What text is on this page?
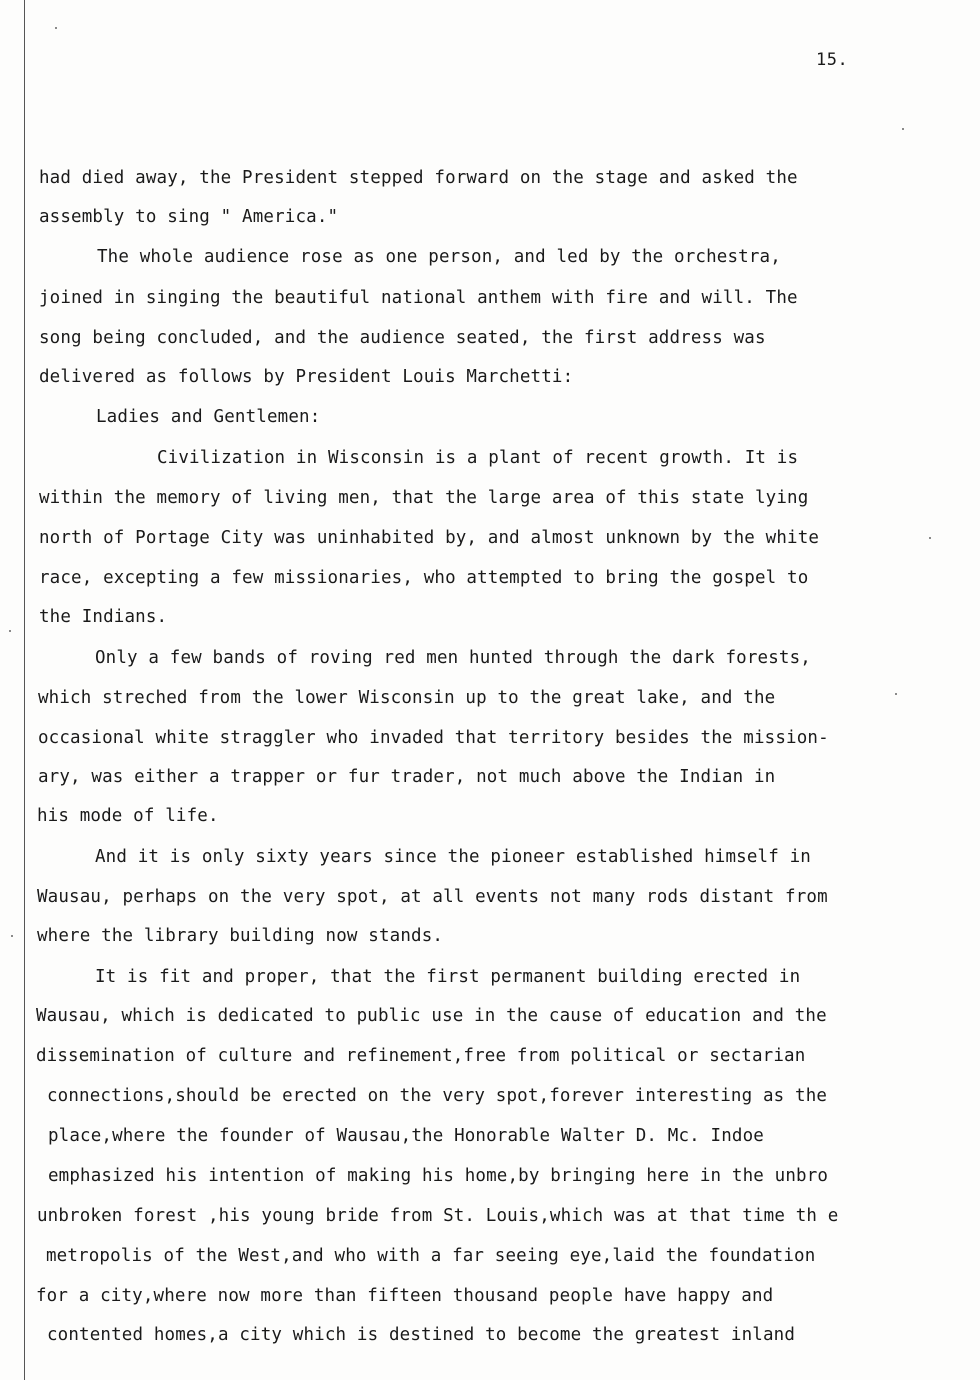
15.
had died away, the President stepped forward on the stage and asked the
assembly to sing " America."
The whole audience rose as one person, and led by the orchestra,
joined in singing the beautiful national anthem with fire and will. The
song being concluded, and the audience seated, the first address was
delivered as follows by President Louis Marchetti:
Ladies and Gentlemen:
Civilization in Wisconsin is a plant of recent growth. It is
within the memory of living men, that the large area of this state lying
north of Portage City was uninhabited by, and almost unknown by the white
race, excepting a few missionaries, who attempted to bring the gospel to
the Indians.
Only a few bands of roving red men hunted through the dark forests,
which streched from the lower Wisconsin up to the great lake, and the
occasional white straggler who invaded that territory besides the mission-
ary, was either a trapper or fur trader, not much above the Indian in
his mode of life.
And it is only sixty years since the pioneer established himself in
Wausau, perhaps on the very spot, at all events not many rods distant from
where the library building now stands.
It is fit and proper, that the first permanent building erected in
Wausau, which is dedicated to public use in the cause of education and the
dissemination of culture and refinement,free from political or sectarian
connections,should be erected on the very spot,forever interesting as the
place,where the founder of Wausau,the Honorable Walter D. Mc. Indoe
emphasized his intention of making his home,by bringing here in the unbro
unbroken forest ,his young bride from St. Louis,which was at that time th e
metropolis of the West,and who with a far seeing eye,laid the foundation
for a city,where now more than fifteen thousand people have happy and
contented homes,a city which is destined to become the greatest inland
